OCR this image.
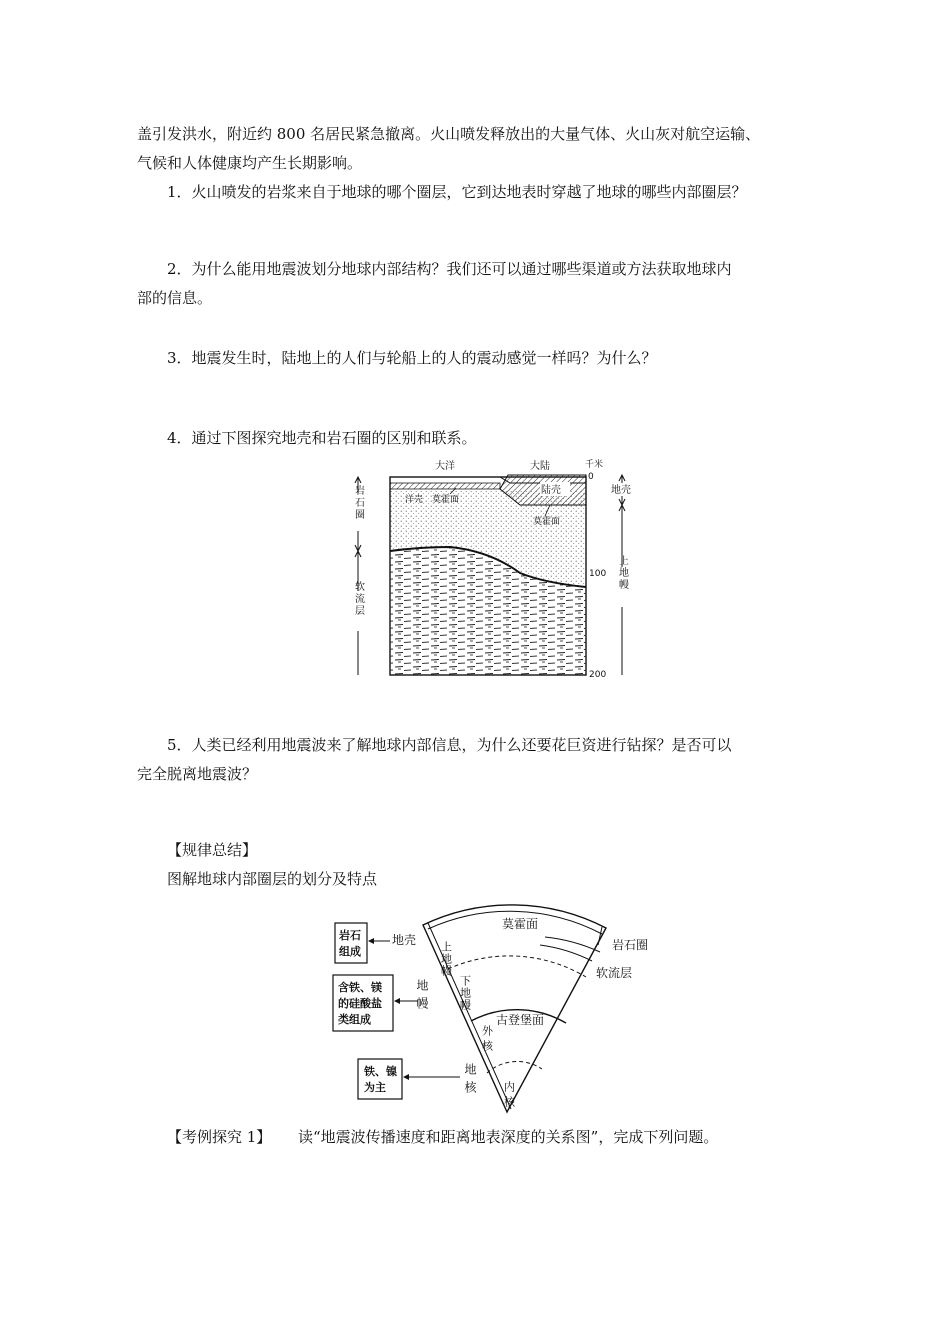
盖引发洪水，附近约 800 名居民紧急撤离。火山喷发释放出的大量气体、火山灰对航空运输、
气候和人体健康均产生长期影响。
1．火山喷发的岩浆来自于地球的哪个圈层，它到达地表时穿越了地球的哪些内部圈层？
2．为什么能用地震波划分地球内部结构？我们还可以通过哪些渠道或方法获取地球内
部的信息。
3．地震发生时，陆地上的人们与轮船上的人的震动感觉一样吗？为什么？
4．通过下图探究地壳和岩石圈的区别和联系。
大洋	大陆	千米
0
100
200
陆壳
洋壳 莫霍面
莫霍面
岩石圈
软流层
地壳
上地幔
5．人类已经利用地震波来了解地球内部信息，为什么还要花巨资进行钻探？是否可以
完全脱离地震波？
【规律总结】
图解地球内部圈层的划分及特点
莫霍面
上地幔
下地幔
古登堡面
外核
内核
岩石圈
软流层
地壳
地幔
地核
岩石
组成
含铁、镁
的硅酸盐
类组成
铁、镍
为主
【考例探究 1】 读“地震波传播速度和距离地表深度的关系图”，完成下列问题。
